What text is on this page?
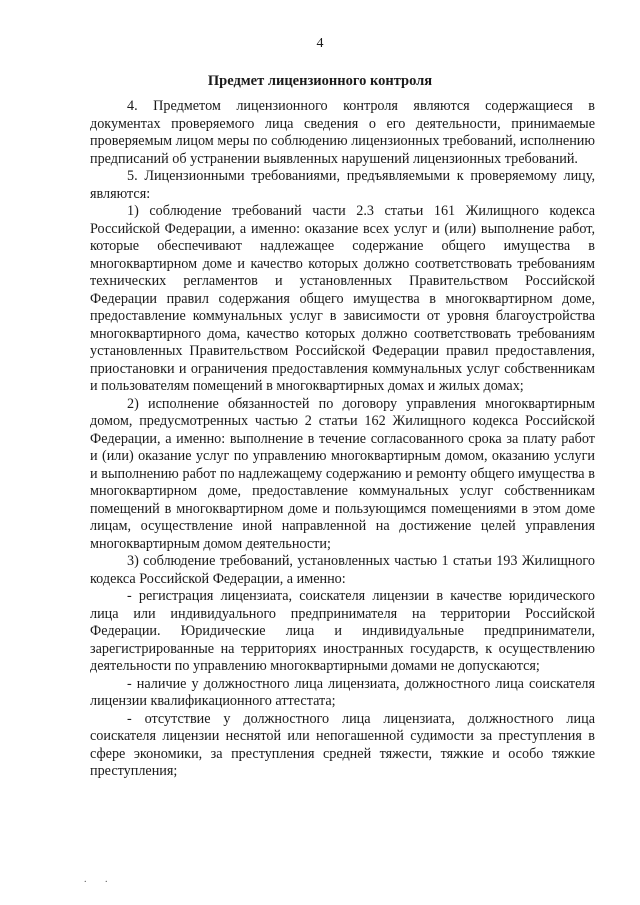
4
Предмет лицензионного контроля

4. Предметом лицензионного контроля являются содержащиеся в документах проверяемого лица сведения о его деятельности, принимаемые проверяемым лицом меры по соблюдению лицензионных требований, исполнению предписаний об устранении выявленных нарушений лицензионных требований.

5. Лицензионными требованиями, предъявляемыми к проверяемому лицу, являются:

1) соблюдение требований части 2.3 статьи 161 Жилищного кодекса Российской Федерации, а именно: оказание всех услуг и (или) выполнение работ, которые обеспечивают надлежащее содержание общего имущества в многоквартирном доме и качество которых должно соответствовать требованиям технических регламентов и установленных Правительством Российской Федерации правил содержания общего имущества в многоквартирном доме, предоставление коммунальных услуг в зависимости от уровня благоустройства многоквартирного дома, качество которых должно соответствовать требованиям установленных Правительством Российской Федерации правил предоставления, приостановки и ограничения предоставления коммунальных услуг собственникам и пользователям помещений в многоквартирных домах и жилых домах;

2) исполнение обязанностей по договору управления многоквартирным домом, предусмотренных частью 2 статьи 162 Жилищного кодекса Российской Федерации, а именно: выполнение в течение согласованного срока за плату работ и (или) оказание услуг по управлению многоквартирным домом, оказанию услуги и выполнению работ по надлежащему содержанию и ремонту общего имущества в многоквартирном доме, предоставление коммунальных услуг собственникам помещений в многоквартирном доме и пользующимся помещениями в этом доме лицам, осуществление иной направленной на достижение целей управления многоквартирным домом деятельности;

3) соблюдение требований, установленных частью 1 статьи 193 Жилищного кодекса Российской Федерации, а именно:

- регистрация лицензиата, соискателя лицензии в качестве юридического лица или индивидуального предпринимателя на территории Российской Федерации. Юридические лица и индивидуальные предприниматели, зарегистрированные на территориях иностранных государств, к осуществлению деятельности по управлению многоквартирными домами не допускаются;

- наличие у должностного лица лицензиата, должностного лица соискателя лицензии квалификационного аттестата;

- отсутствие у должностного лица лицензиата, должностного лица соискателя лицензии неснятой или непогашенной судимости за преступления в сфере экономики, за преступления средней тяжести, тяжкие и особо тяжкие преступления;

. .
